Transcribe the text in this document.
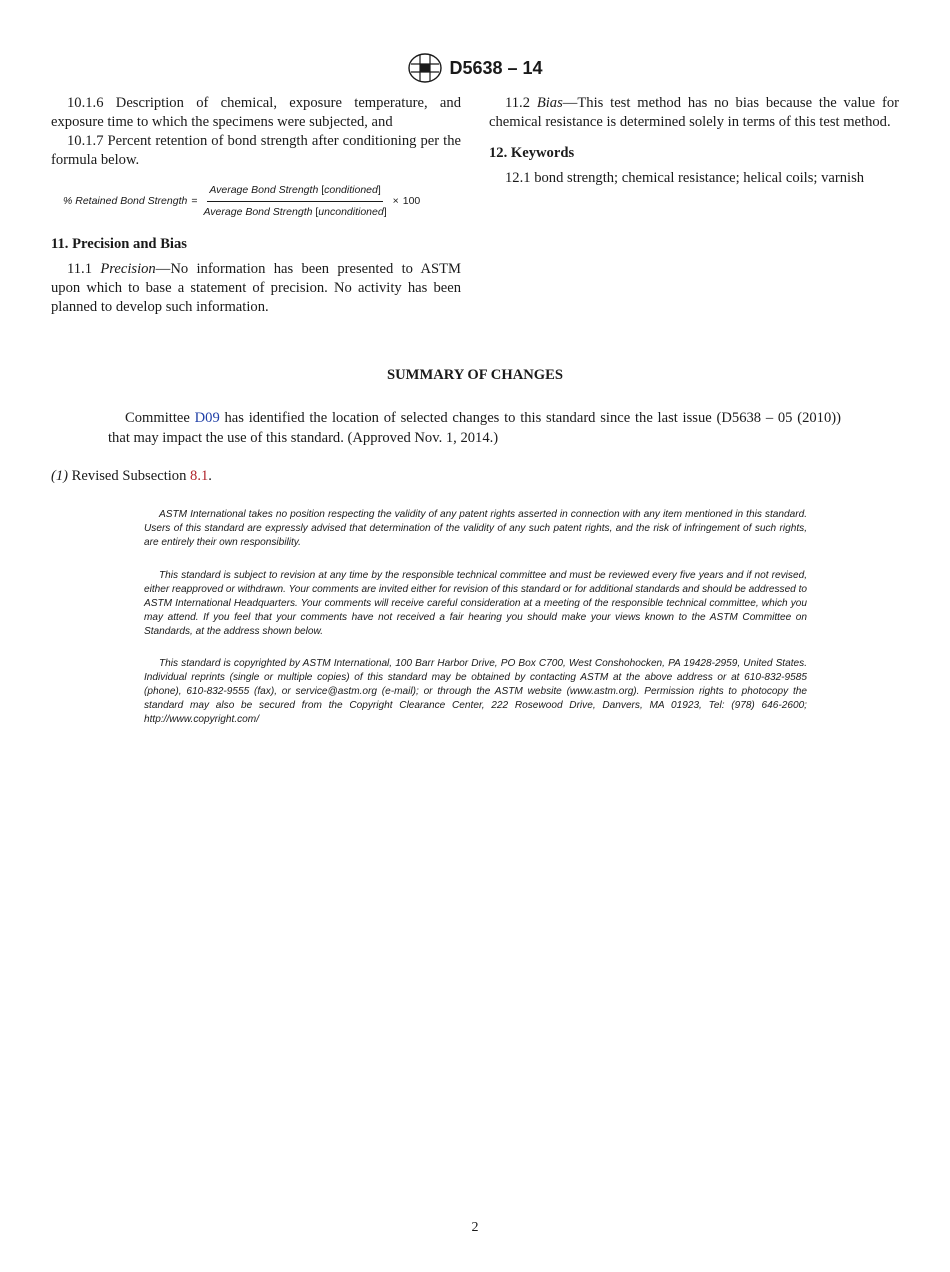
D5638 – 14

10.1.6 Description of chemical, exposure temperature, and exposure time to which the specimens were subjected, and

10.1.7 Percent retention of bond strength after conditioning per the formula below.

% Retained Bond Strength = $\frac{\text{Average Bond Strength [conditioned]}}{\text{Average Bond Strength [unconditioned]}} \times 100$

11. Precision and Bias

11.1 Precision—No information has been presented to ASTM upon which to base a statement of precision. No activity has been planned to develop such information.

11.2 Bias—This test method has no bias because the value for chemical resistance is determined solely in terms of this test method.

12. Keywords

12.1 bond strength; chemical resistance; helical coils; varnish

SUMMARY OF CHANGES
Committee D09 has identified the location of selected changes to this standard since the last issue (D5638 – 05 (2010)) that may impact the use of this standard. (Approved Nov. 1, 2014.)
(1) Revised Subsection 8.1.

ASTM International takes no position respecting the validity of any patent rights asserted in connection with any item mentioned in this standard. Users of this standard are expressly advised that determination of the validity of any such patent rights, and the risk of infringement of such rights, are entirely their own responsibility.

This standard is subject to revision at any time by the responsible technical committee and must be reviewed every five years and if not revised, either reapproved or withdrawn. Your comments are invited either for revision of this standard or for additional standards and should be addressed to ASTM International Headquarters. Your comments will receive careful consideration at a meeting of the responsible technical committee, which you may attend. If you feel that your comments have not received a fair hearing you should make your views known to the ASTM Committee on Standards, at the address shown below.

This standard is copyrighted by ASTM International, 100 Barr Harbor Drive, PO Box C700, West Conshohocken, PA 19428-2959, United States. Individual reprints (single or multiple copies) of this standard may be obtained by contacting ASTM at the above address or at 610-832-9585 (phone), 610-832-9555 (fax), or service@astm.org (e-mail); or through the ASTM website (www.astm.org). Permission rights to photocopy the standard may also be secured from the Copyright Clearance Center, 222 Rosewood Drive, Danvers, MA 01923, Tel: (978) 646-2600; http://www.copyright.com/

2
